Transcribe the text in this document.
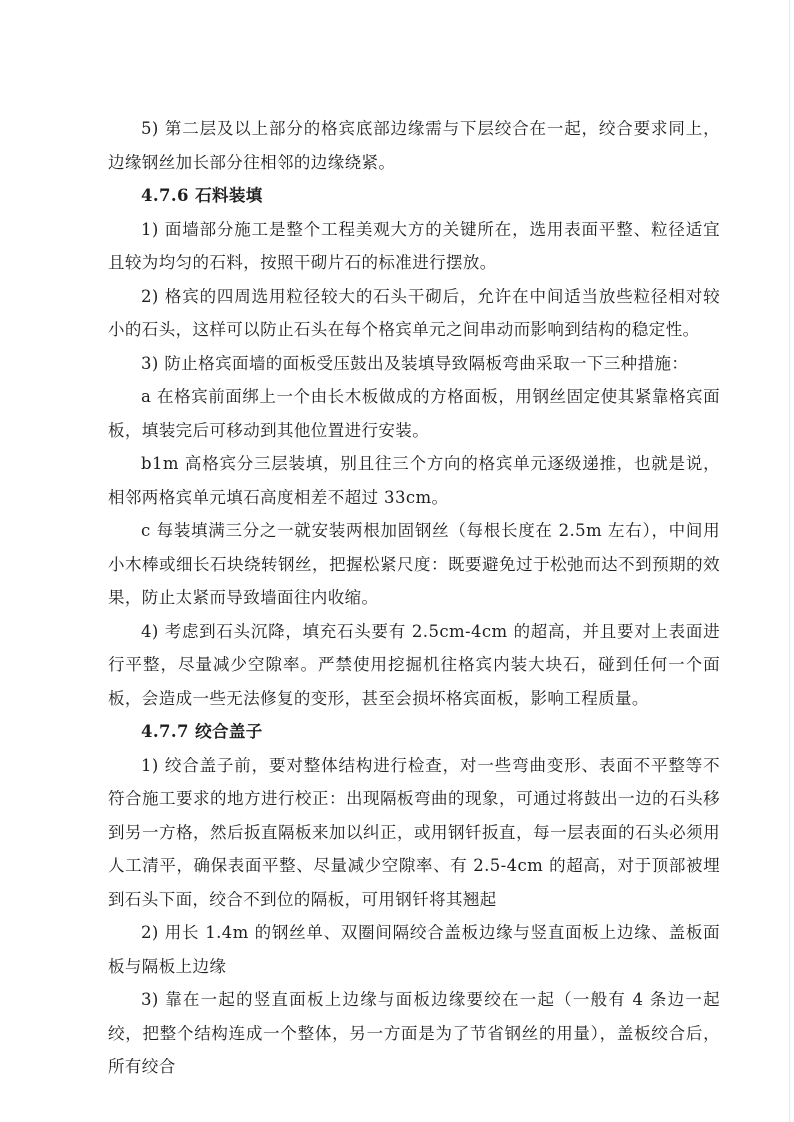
5) 第二层及以上部分的格宾底部边缘需与下层绞合在一起，绞合要求同上，边缘钢丝加长部分往相邻的边缘绕紧。

4.7.6 石料装填

1) 面墙部分施工是整个工程美观大方的关键所在，选用表面平整、粒径适宜且较为均匀的石料，按照干砌片石的标准进行摆放。

2) 格宾的四周选用粒径较大的石头干砌后，允许在中间适当放些粒径相对较小的石头，这样可以防止石头在每个格宾单元之间串动而影响到结构的稳定性。

3) 防止格宾面墙的面板受压鼓出及装填导致隔板弯曲采取一下三种措施：

a 在格宾前面绑上一个由长木板做成的方格面板，用钢丝固定使其紧靠格宾面板，填装完后可移动到其他位置进行安装。

b1m 高格宾分三层装填，别且往三个方向的格宾单元逐级递推，也就是说，相邻两格宾单元填石高度相差不超过 33cm。

c 每装填满三分之一就安装两根加固钢丝（每根长度在 2.5m 左右），中间用小木棒或细长石块绕转钢丝，把握松紧尺度：既要避免过于松弛而达不到预期的效果，防止太紧而导致墙面往内收缩。

4) 考虑到石头沉降，填充石头要有 2.5cm-4cm 的超高，并且要对上表面进行平整，尽量减少空隙率。严禁使用挖掘机往格宾内装大块石，碰到任何一个面板，会造成一些无法修复的变形，甚至会损坏格宾面板，影响工程质量。

4.7.7 绞合盖子

1) 绞合盖子前，要对整体结构进行检查，对一些弯曲变形、表面不平整等不符合施工要求的地方进行校正：出现隔板弯曲的现象，可通过将鼓出一边的石头移到另一方格，然后扳直隔板来加以纠正，或用钢钎扳直，每一层表面的石头必须用人工清平，确保表面平整、尽量减少空隙率、有 2.5-4cm 的超高，对于顶部被埋到石头下面，绞合不到位的隔板，可用钢钎将其翘起

2) 用长 1.4m 的钢丝单、双圈间隔绞合盖板边缘与竖直面板上边缘、盖板面板与隔板上边缘

3) 靠在一起的竖直面板上边缘与面板边缘要绞在一起（一般有 4 条边一起绞，把整个结构连成一个整体，另一方面是为了节省钢丝的用量），盖板绞合后，所有绞合
